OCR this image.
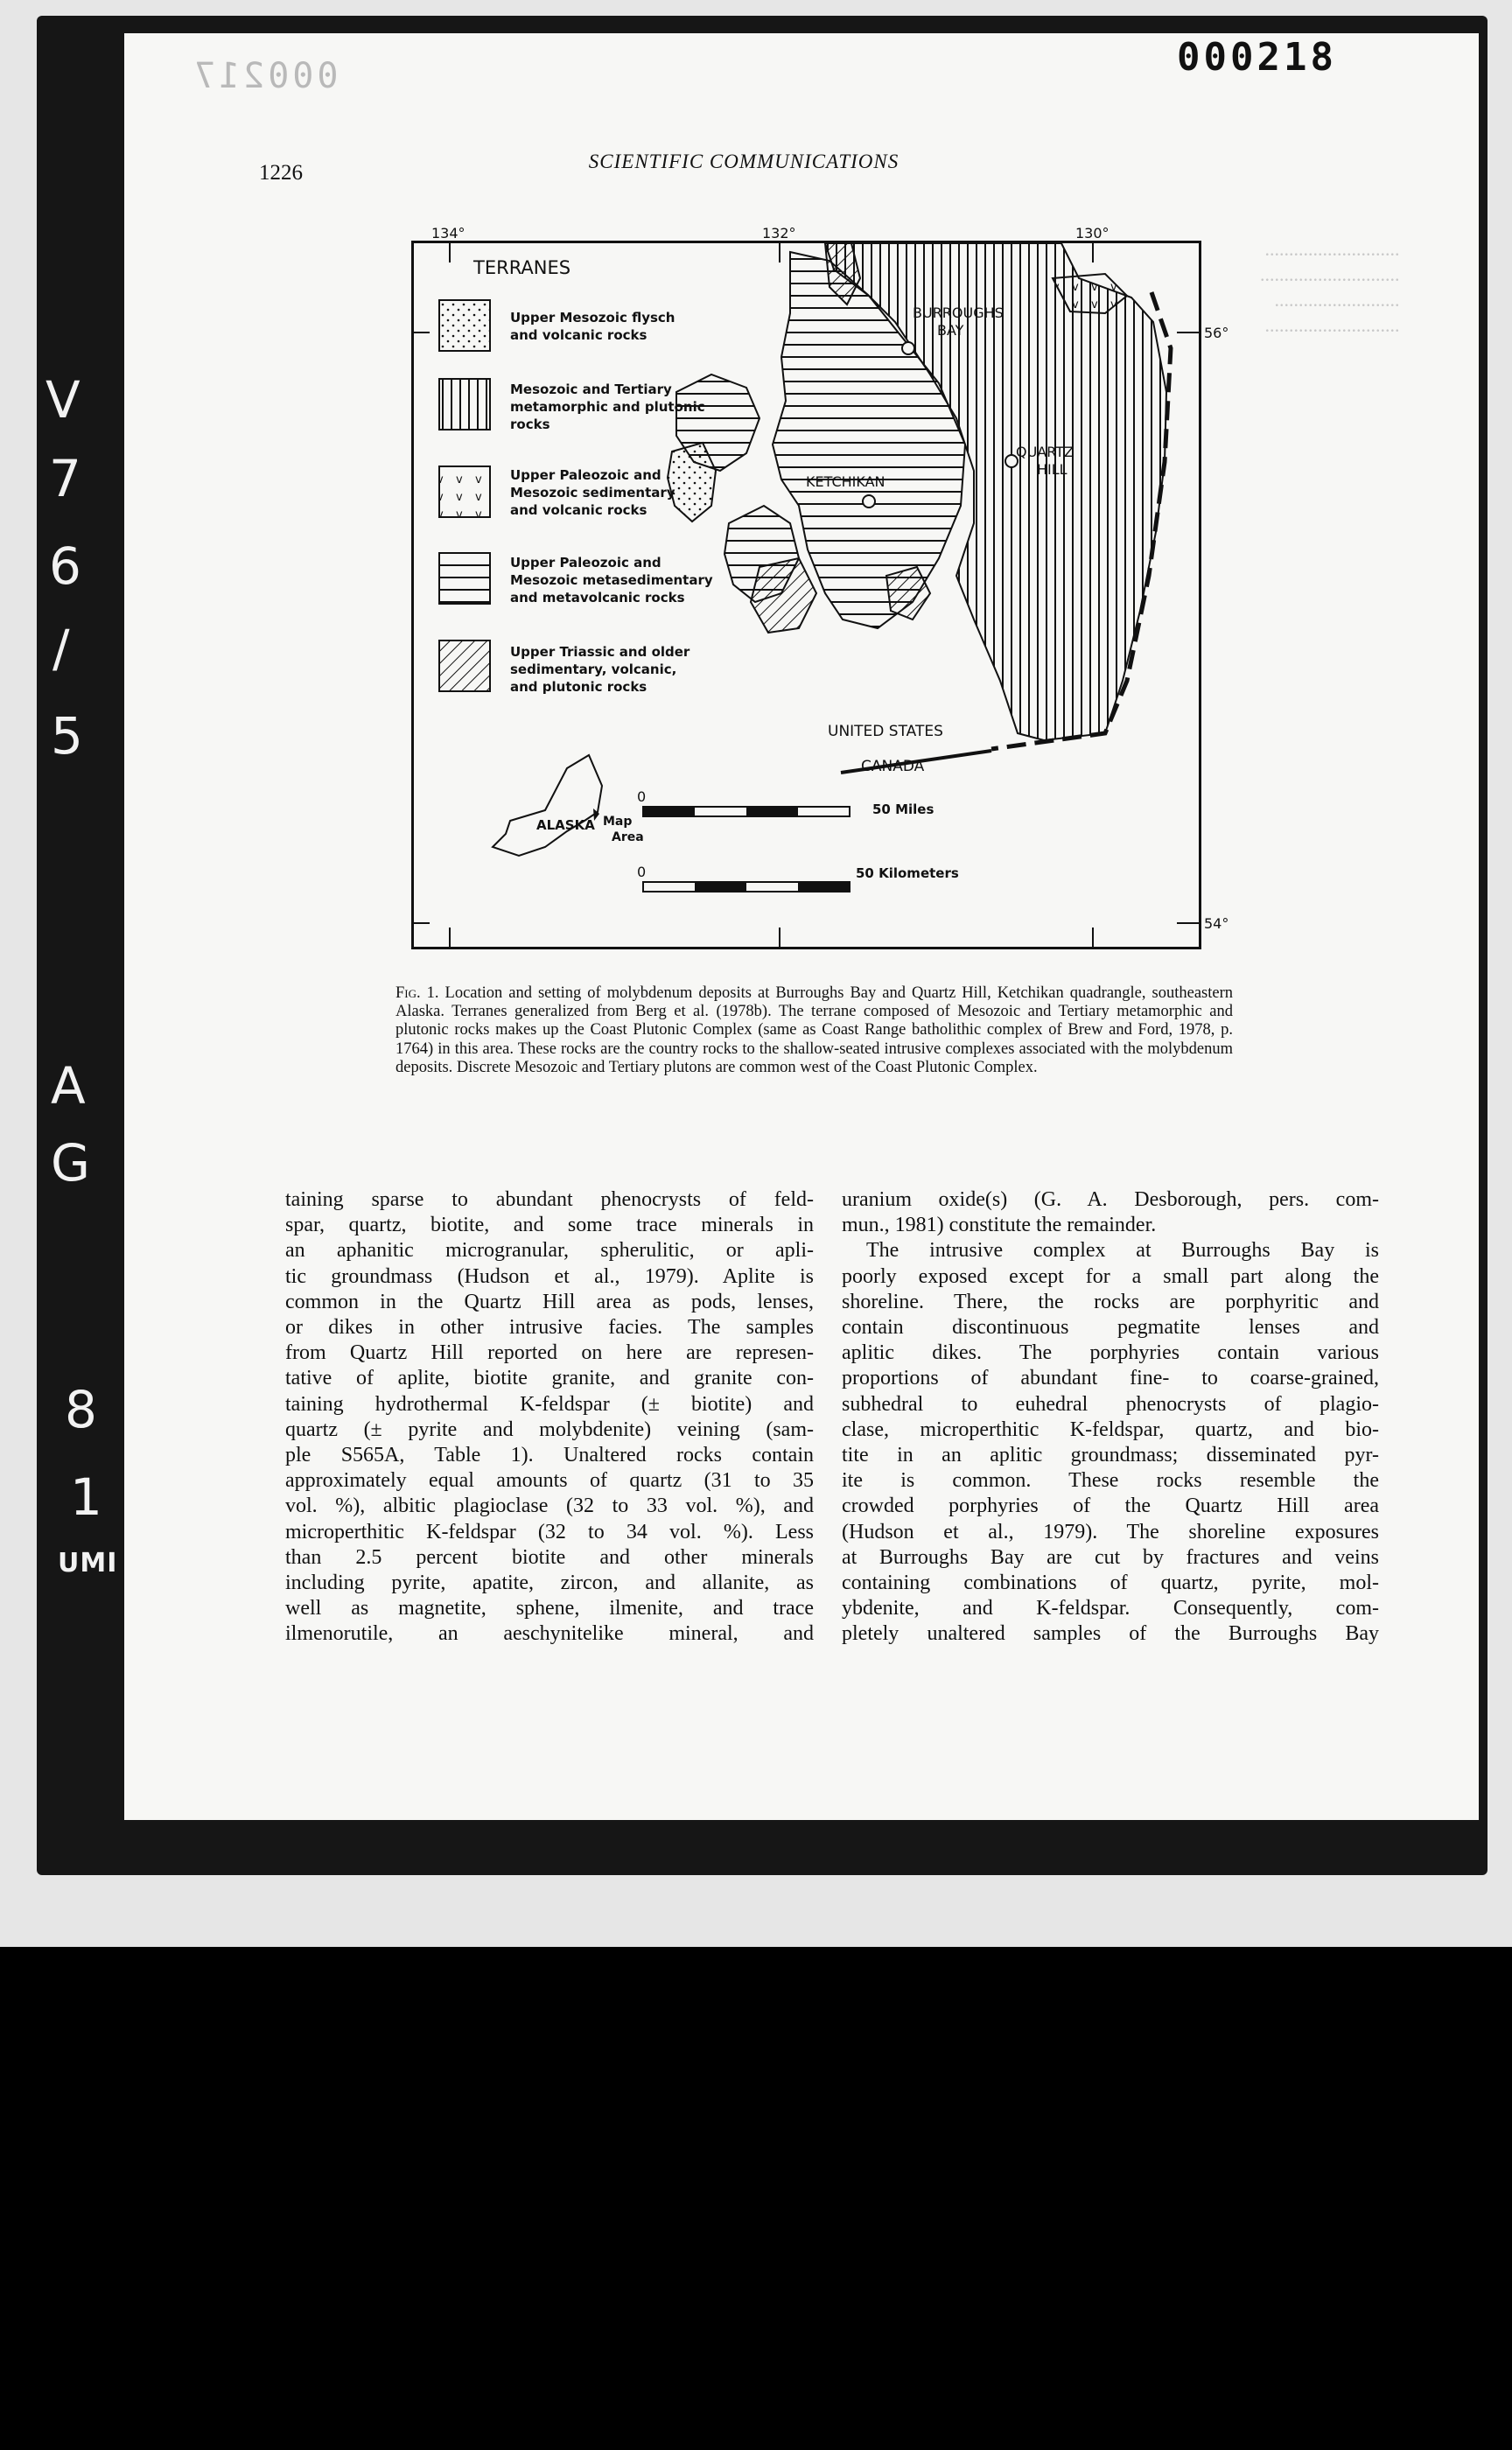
V
7
6
/
5
A
G
8
1
UMI
............................
.............................
..........................
............................
000218
000217
1226	SCIENTIFIC COMMUNICATIONS
134°	132°	130°
56°
54°
TERRANES
Upper Mesozoic flysch
and volcanic rocks
Mesozoic and Tertiary
metamorphic and plutonic
rocks
Upper Paleozoic and
Mesozoic sedimentary
and volcanic rocks
Upper Paleozoic and
Mesozoic metasedimentary
and metavolcanic rocks
Upper Triassic and older
sedimentary, volcanic,
and plutonic rocks
BURROUGHS
BAY
QUARTZ
HILL
KETCHIKAN
UNITED STATES
CANADA
ALASKA Map
Area
0
50 Miles
0	50 Kilometers
Fig. 1. Location and setting of molybdenum deposits at Burroughs Bay and Quartz Hill, Ketchikan quadrangle, southeastern Alaska. Terranes generalized from Berg et al. (1978b). The terrane composed of Mesozoic and Tertiary metamorphic and plutonic rocks makes up the Coast Plutonic Complex (same as Coast Range batholithic complex of Brew and Ford, 1978, p. 1764) in this area. These rocks are the country rocks to the shallow-seated intrusive complexes associated with the molybdenum deposits. Discrete Mesozoic and Tertiary plutons are common west of the Coast Plutonic Complex.
taining sparse to abundant phenocrysts of feld-
spar, quartz, biotite, and some trace minerals in
an aphanitic microgranular, spherulitic, or apli-
tic groundmass (Hudson et al., 1979). Aplite is
common in the Quartz Hill area as pods, lenses,
or dikes in other intrusive facies. The samples
from Quartz Hill reported on here are represen-
tative of aplite, biotite granite, and granite con-
taining hydrothermal K-feldspar (± biotite) and
quartz (± pyrite and molybdenite) veining (sam-
ple S565A, Table 1). Unaltered rocks contain
approximately equal amounts of quartz (31 to 35
vol. %), albitic plagioclase (32 to 33 vol. %), and
microperthitic K-feldspar (32 to 34 vol. %). Less
than 2.5 percent biotite and other minerals
including pyrite, apatite, zircon, and allanite, as
well as magnetite, sphene, ilmenite, and trace
ilmenorutile, an aeschynitelike mineral, and
uranium oxide(s) (G. A. Desborough, pers. com-
mun., 1981) constitute the remainder.
The intrusive complex at Burroughs Bay is
poorly exposed except for a small part along the
shoreline. There, the rocks are porphyritic and
contain discontinuous pegmatite lenses and
aplitic dikes. The porphyries contain various
proportions of abundant fine- to coarse-grained,
subhedral to euhedral phenocrysts of plagio-
clase, microperthitic K-feldspar, quartz, and bio-
tite in an aplitic groundmass; disseminated pyr-
ite is common. These rocks resemble the
crowded porphyries of the Quartz Hill area
(Hudson et al., 1979). The shoreline exposures
at Burroughs Bay are cut by fractures and veins
containing combinations of quartz, pyrite, mol-
ybdenite, and K-feldspar. Consequently, com-
pletely unaltered samples of the Burroughs Bay
